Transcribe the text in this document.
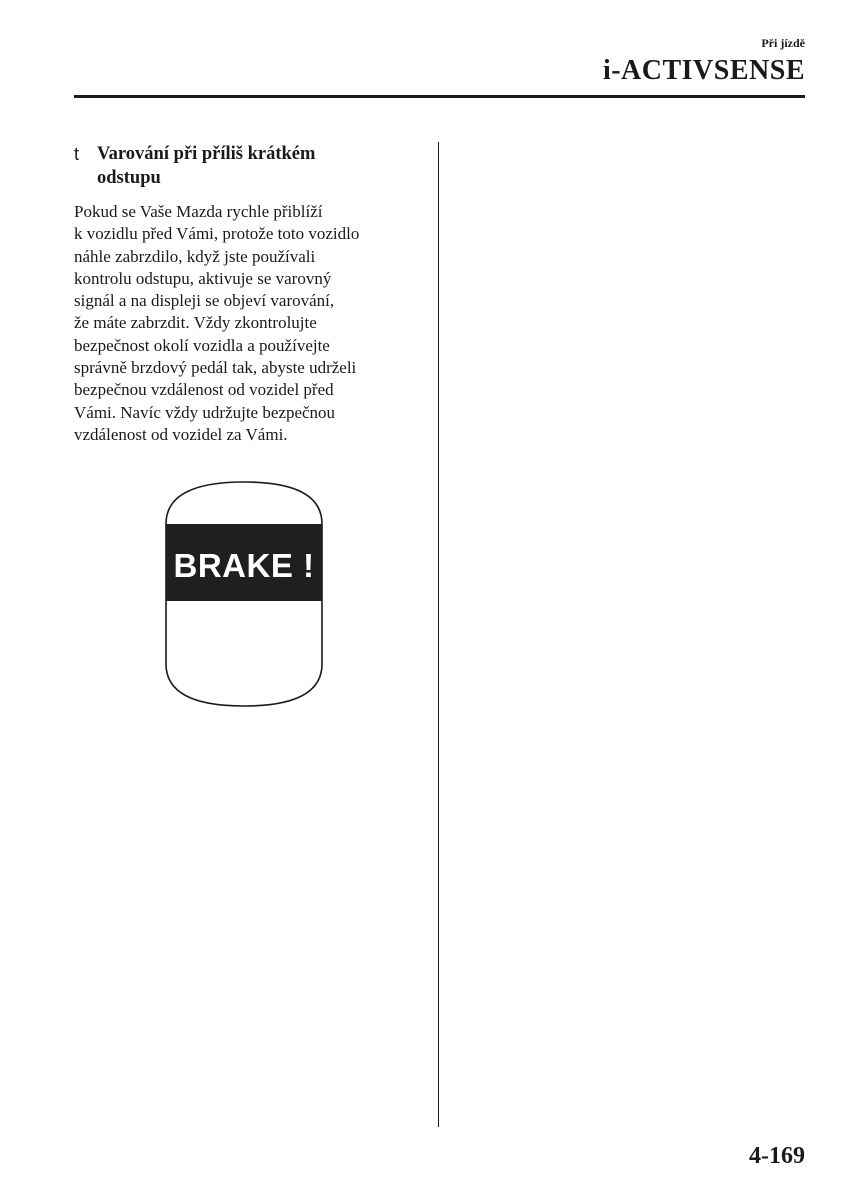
Při jízdě
i-ACTIVSENSE
t Varování při příliš krátkém
odstupu
Pokud se Vaše Mazda rychle přiblíží
k vozidlu před Vámi, protože toto vozidlo
náhle zabrzdilo, když jste používali
kontrolu odstupu, aktivuje se varovný
signál a na displeji se objeví varování,
že máte zabrzdit. Vždy zkontrolujte
bezpečnost okolí vozidla a používejte
správně brzdový pedál tak, abyste udrželi
bezpečnou vzdálenost od vozidel před
Vámi. Navíc vždy udržujte bezpečnou
vzdálenost od vozidel za Vámi.
BRAKE !
4-169
